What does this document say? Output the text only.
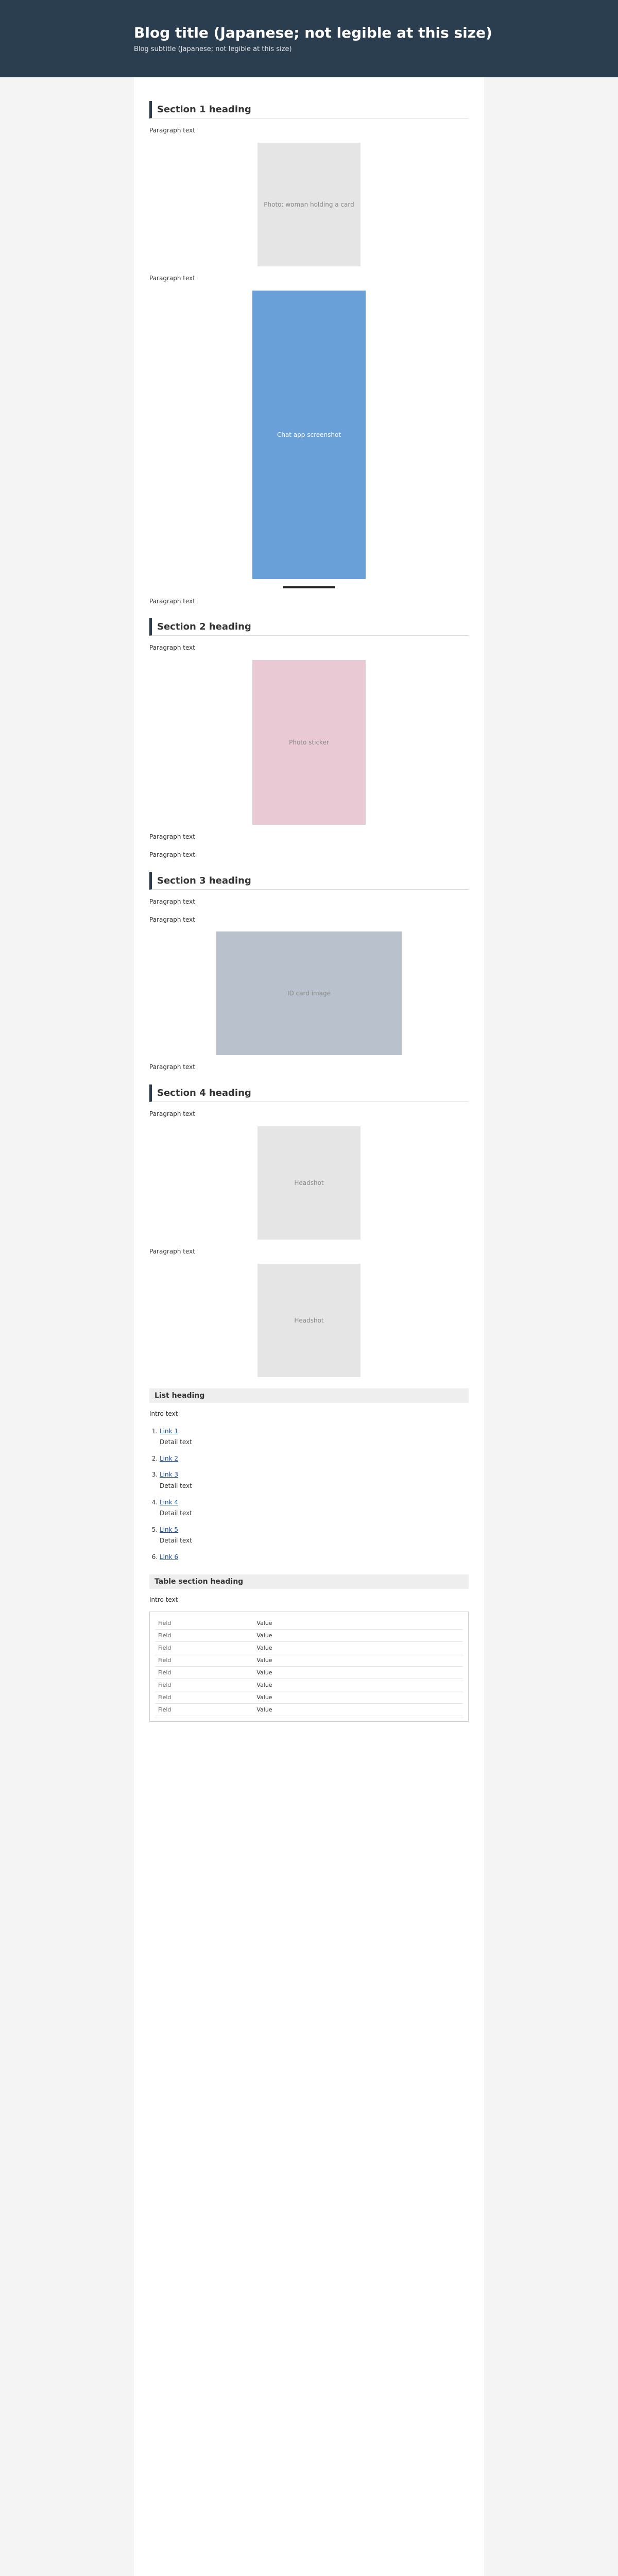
Blog title (Japanese; not legible at this size)
Blog subtitle (Japanese; not legible at this size)
Section 1 heading

Paragraph text

Photo: woman holding a card

Paragraph text

Chat app screenshot

Paragraph text

Section 2 heading

Paragraph text

Photo sticker

Paragraph text

Paragraph text

Section 3 heading

Paragraph text

Paragraph text

ID card image

Paragraph text

Section 4 heading

Paragraph text

Headshot

Paragraph text

Headshot
List heading

Intro text

1. Link 1
Detail text
2. Link 2

3. Link 3
Detail text
4. Link 4
Detail text
5. Link 5
Detail text
6. Link 6

Table section heading

Intro text

Field	Value
Field	Value
Field	Value
Field	Value
Field	Value
Field	Value
Field	Value
Field	Value
